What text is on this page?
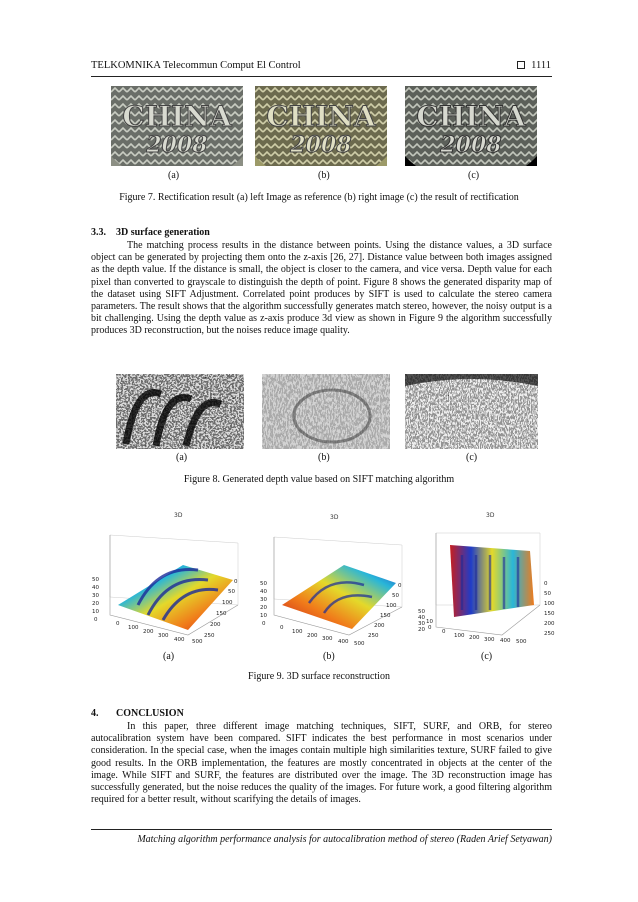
TELKOMNIKA Telecommun Comput El Control	1111
CHINA
2008
CHINA
2008
CHINA
2008
(a)	(b)	(c)
Figure 7. Rectification result (a) left Image as reference (b) right image (c) the result of rectification
3.3. 3D surface generation
The matching process results in the distance between points. Using the distance values, a 3D surface object can be generated by projecting them onto the z-axis [26, 27]. Distance value between both images assigned as the depth value. If the distance is small, the object is closer to the camera, and vice versa. Depth value for each pixel than converted to grayscale to distinguish the depth of point. Figure 8 shows the generated disparity map of the dataset using SIFT Adjustment. Correlated point produces by SIFT is used to calculate the stereo camera parameters. The result shows that the algorithm successfully generates match stereo, however, the noisy output is a bit challenging. Using the depth value as z-axis produce 3d view as shown in Figure 9 the algorithm successfully produces 3D reconstruction, but the noises reduce image quality.
(a)	(b)	(c)
Figure 8. Generated depth value based on SIFT matching algorithm
3D
50
40
30
20
10
0
0
100
200
300
400 500
0
50
100
150
200
250
3D
50
40
30
20
10
0
0
100
200 300 400 500
0
50
100
150
200
250
3D
50
40
30
20
10
0
0
100 200 300 400 500
0
50
100
150
200
250
(a)	(b)	(c)
Figure 9. 3D surface reconstruction
4. CONCLUSION
In this paper, three different image matching techniques, SIFT, SURF, and ORB, for stereo autocalibration system have been compared. SIFT indicates the best performance in most scenarios under consideration. In the special case, when the images contain multiple high similarities texture, SURF failed to give good results. In the ORB implementation, the features are mostly concentrated in objects at the center of the image. While SIFT and SURF, the features are distributed over the image. The 3D reconstruction image has successfully generated, but the noise reduces the quality of the images. For future work, a good filtering algorithm required for a better result, without scarifying the details of images.
Matching algorithm performance analysis for autocalibration method of stereo (Raden Arief Setyawan)
